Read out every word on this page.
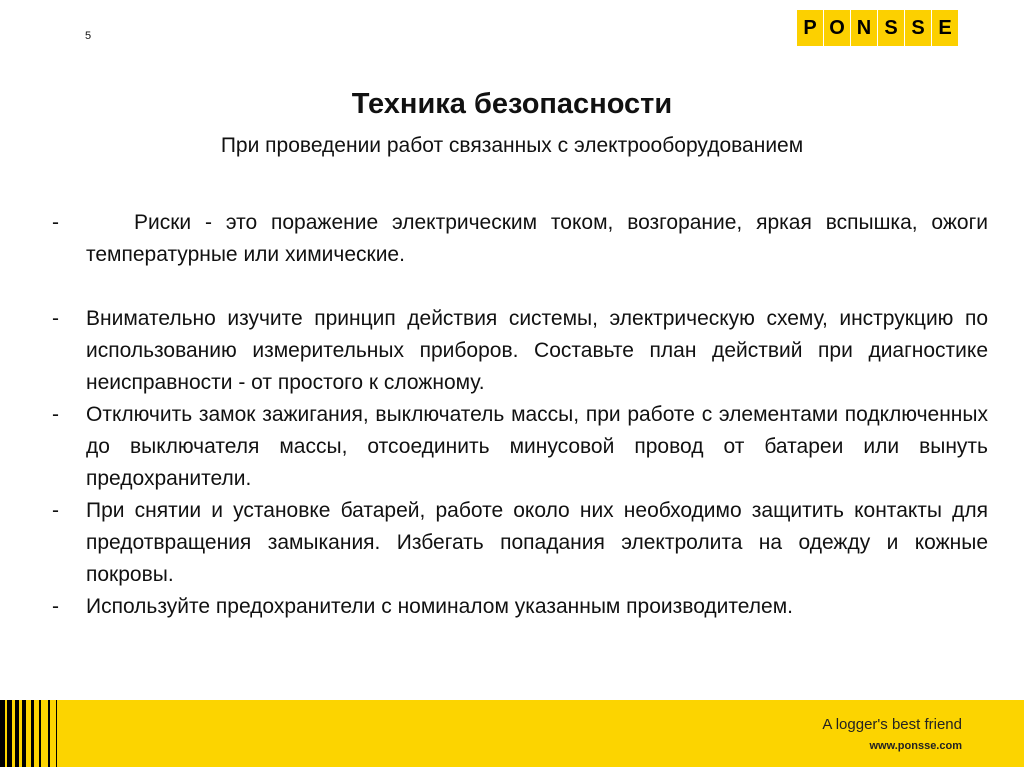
5	P O N S S E
Техника безопасности
При проведении работ связанных с электрооборудованием
-	Риски - это поражение электрическим током, возгорание, яркая вспышка, ожоги температурные или химические.
-	Внимательно изучите принцип действия системы, электрическую схему, инструкцию по использованию измерительных приборов. Составьте план действий при диагностике неисправности - от простого к сложному.
-	Отключить замок зажигания, выключатель массы, при работе с элементами подключенных до выключателя массы, отсоединить минусовой провод от батареи или вынуть предохранители.
-	При снятии и установке батарей, работе около них необходимо защитить контакты для предотвращения замыкания. Избегать попадания электролита на одежду и кожные покровы.
-	Используйте предохранители с номиналом указанным производителем.
A logger's best friend
www.ponsse.com
